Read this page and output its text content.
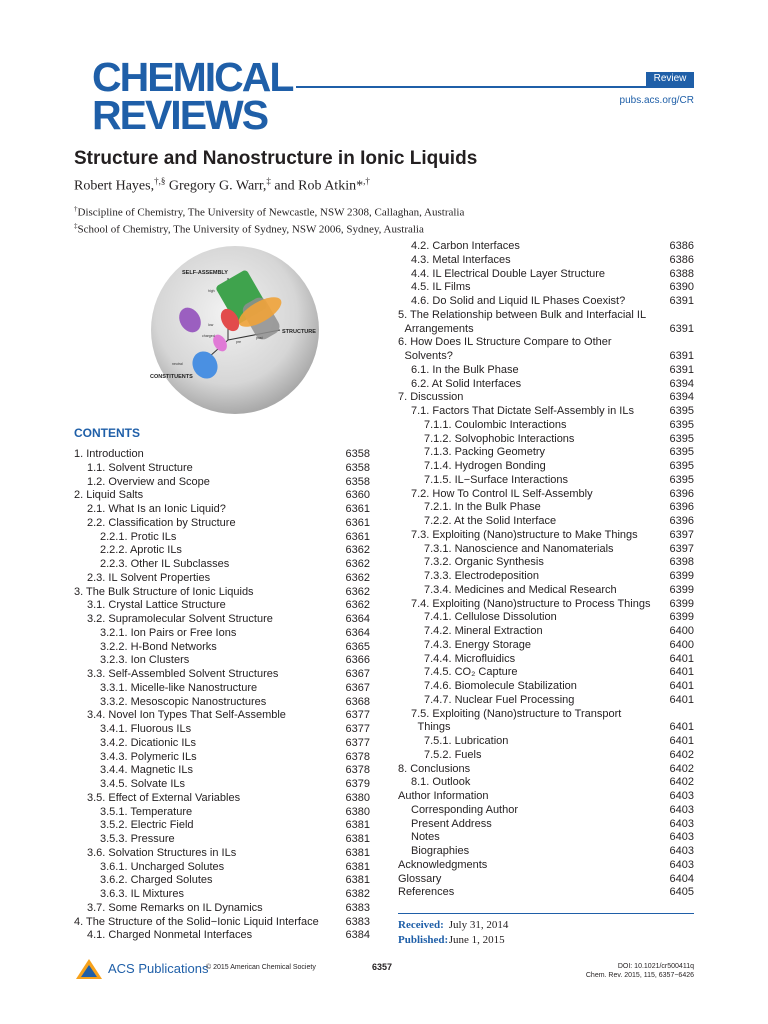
CHEMICAL
REVIEWS
Review
pubs.acs.org/CR
Structure and Nanostructure in Ionic Liquids
Robert Hayes,†,§ Gregory G. Warr,‡ and Rob Atkin*,†
†Discipline of Chemistry, The University of Newcastle, NSW 2308, Callaghan, Australia
‡School of Chemistry, The University of Sydney, NSW 2006, Sydney, Australia
SELF-ASSEMBLY
STRUCTURE
CONSTITUENTS
high
low
charged
neutral
pre
post
CONTENTS
1. Introduction	6358
1.1. Solvent Structure	6358
1.2. Overview and Scope	6358
2. Liquid Salts	6360
2.1. What Is an Ionic Liquid?	6361
2.2. Classification by Structure	6361
2.2.1. Protic ILs	6361
2.2.2. Aprotic ILs	6362
2.2.3. Other IL Subclasses	6362
2.3. IL Solvent Properties	6362
3. The Bulk Structure of Ionic Liquids	6362
3.1. Crystal Lattice Structure	6362
3.2. Supramolecular Solvent Structure	6364
3.2.1. Ion Pairs or Free Ions	6364
3.2.2. H-Bond Networks	6365
3.2.3. Ion Clusters	6366
3.3. Self-Assembled Solvent Structures	6367
3.3.1. Micelle-like Nanostructure	6367
3.3.2. Mesoscopic Nanostructures	6368
3.4. Novel Ion Types That Self-Assemble	6377
3.4.1. Fluorous ILs	6377
3.4.2. Dicationic ILs	6377
3.4.3. Polymeric ILs	6378
3.4.4. Magnetic ILs	6378
3.4.5. Solvate ILs	6379
3.5. Effect of External Variables	6380
3.5.1. Temperature	6380
3.5.2. Electric Field	6381
3.5.3. Pressure	6381
3.6. Solvation Structures in ILs	6381
3.6.1. Uncharged Solutes	6381
3.6.2. Charged Solutes	6381
3.6.3. IL Mixtures	6382
3.7. Some Remarks on IL Dynamics	6383
4. The Structure of the Solid−Ionic Liquid Interface 6383
4.1. Charged Nonmetal Interfaces	6384
4.2. Carbon Interfaces	6386
4.3. Metal Interfaces	6386
4.4. IL Electrical Double Layer Structure	6388
4.5. IL Films	6390
4.6. Do Solid and Liquid IL Phases Coexist?	6391
5. The Relationship between Bulk and Interfacial IL
Arrangements	6391
6. How Does IL Structure Compare to Other
Solvents?	6391
6.1. In the Bulk Phase	6391
6.2. At Solid Interfaces	6394
7. Discussion	6394
7.1. Factors That Dictate Self-Assembly in ILs	6395
7.1.1. Coulombic Interactions	6395
7.1.2. Solvophobic Interactions	6395
7.1.3. Packing Geometry	6395
7.1.4. Hydrogen Bonding	6395
7.1.5. IL−Surface Interactions	6395
7.2. How To Control IL Self-Assembly	6396
7.2.1. In the Bulk Phase	6396
7.2.2. At the Solid Interface	6396
7.3. Exploiting (Nano)structure to Make Things	6397
7.3.1. Nanoscience and Nanomaterials	6397
7.3.2. Organic Synthesis	6398
7.3.3. Electrodeposition	6399
7.3.4. Medicines and Medical Research	6399
7.4. Exploiting (Nano)structure to Process Things 6399
7.4.1. Cellulose Dissolution	6399
7.4.2. Mineral Extraction	6400
7.4.3. Energy Storage	6400
7.4.4. Microfluidics	6401
7.4.5. CO₂ Capture	6401
7.4.6. Biomolecule Stabilization	6401
7.4.7. Nuclear Fuel Processing	6401
7.5. Exploiting (Nano)structure to Transport
Things	6401
7.5.1. Lubrication	6401
7.5.2. Fuels	6402
8. Conclusions	6402
8.1. Outlook	6402
Author Information	6403
Corresponding Author	6403
Present Address	6403
Notes	6403
Biographies	6403
Acknowledgments	6403
Glossary	6404
References	6405
Received: July 31, 2014
Published: June 1, 2015
ACS Publications
© 2015 American Chemical Society	6357	DOI: 10.1021/cr500411q
Chem. Rev. 2015, 115, 6357−6426
